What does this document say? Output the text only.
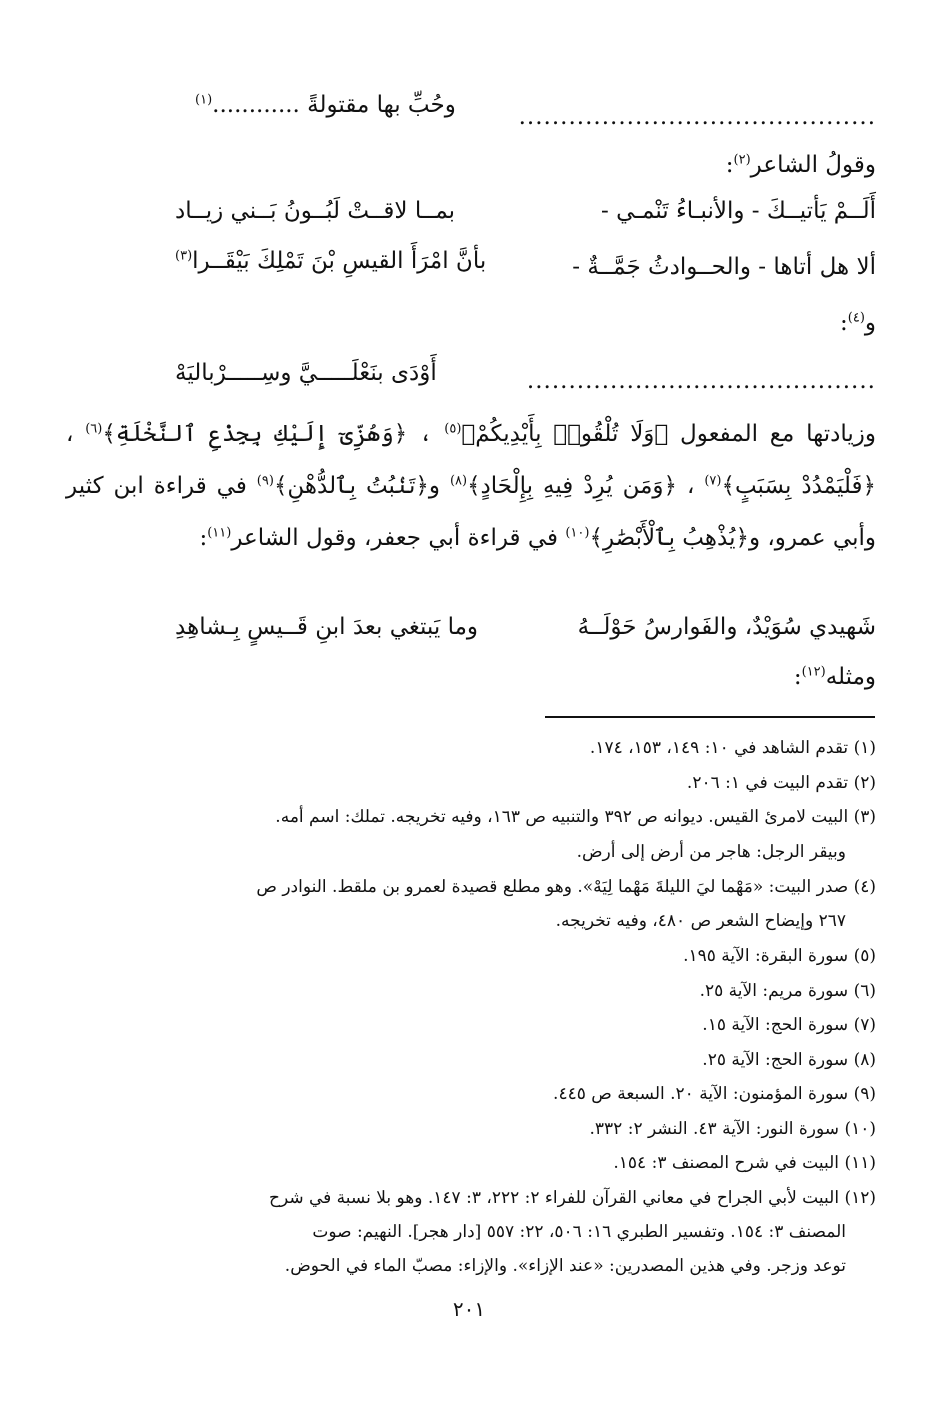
...........................................
وحُبِّ بها مقتولةً ............$^{(١)}$
وقولُ الشاعر$^{(٢)}$:
أَلَــمْ يَأتيــكَ - والأنبـاءُ تَنْمـي -
بمــا لاقــتْ لَبُــونُ بَــني زيــاد
ألا هل أتاها - والحــوادثُ جَمَّــةٌ -
بأنَّ امْرَأَ القيسِ بْنَ تَمْلِكَ بَيْقَــرا$^{(٣)}$
و$^{(٤)}$:
..........................................
أَوْدَى بنَعْلَـــــيَّ وسِـــــرْباليَهْ
وزيادتها مع المفعول ﴿وَلَا تُلْقُوا۟ بِأَيْدِيكُمْ﴾$^{(٥)}$ ، ﴿وَهُزِّىٓ إِلَيْكِ بِجِذْعِ ٱلنَّخْلَةِ﴾$^{(٦)}$ ، ﴿فَلْيَمْدُدْ بِسَبَبٍ﴾$^{(٧)}$ ، ﴿وَمَن يُرِدْ فِيهِ بِإِلْحَادٍ﴾$^{(٨)}$ و﴿تَنۢبُتُ بِٱلدُّهْنِ﴾$^{(٩)}$ في قراءة ابن كثير وأبي عمرو، و﴿يُذْهِبُ بِٱلْأَبْصَٰرِ﴾$^{(١٠)}$ في قراءة أبي جعفر، وقول الشاعر$^{(١١)}$:
شَهيدي سُوَيْدٌ، والفَوارسُ حَوْلَــهُ
وما يَبتغي بعدَ ابنِ قَــيسٍ بِـشاهِدِ
ومثله$^{(١٢)}$:
(١) تقدم الشاهد في ١٠: ١٤٩، ١٥٣، ١٧٤.
(٢) تقدم البيت في ١: ٢٠٦.
(٣) البيت لامرئ القيس. ديوانه ص ٣٩٢ والتنبيه ص ١٦٣، وفيه تخريجه. تملك: اسم أمه.
وبيقر الرجل: هاجر من أرض إلى أرض.
(٤) صدر البيت: «مَهْما ليَ الليلةَ مَهْما لِيَهْ». وهو مطلع قصيدة لعمرو بن ملقط. النوادر ص
٢٦٧ وإيضاح الشعر ص ٤٨٠، وفيه تخريجه.
(٥) سورة البقرة: الآية ١٩٥.
(٦) سورة مريم: الآية ٢٥.
(٧) سورة الحج: الآية ١٥.
(٨) سورة الحج: الآية ٢٥.
(٩) سورة المؤمنون: الآية ٢٠. السبعة ص ٤٤٥.
(١٠) سورة النور: الآية ٤٣. النشر ٢: ٣٣٢.
(١١) البيت في شرح المصنف ٣: ١٥٤.
(١٢) البيت لأبي الجراح في معاني القرآن للفراء ٢: ٢٢٢، ٣: ١٤٧. وهو بلا نسبة في شرح
المصنف ٣: ١٥٤. وتفسير الطبري ١٦: ٥٠٦، ٢٢: ٥٥٧ [دار هجر]. النهيم: صوت
توعد وزجر. وفي هذين المصدرين: «عند الإزاء». والإزاء: مصبّ الماء في الحوض.
٢٠١
